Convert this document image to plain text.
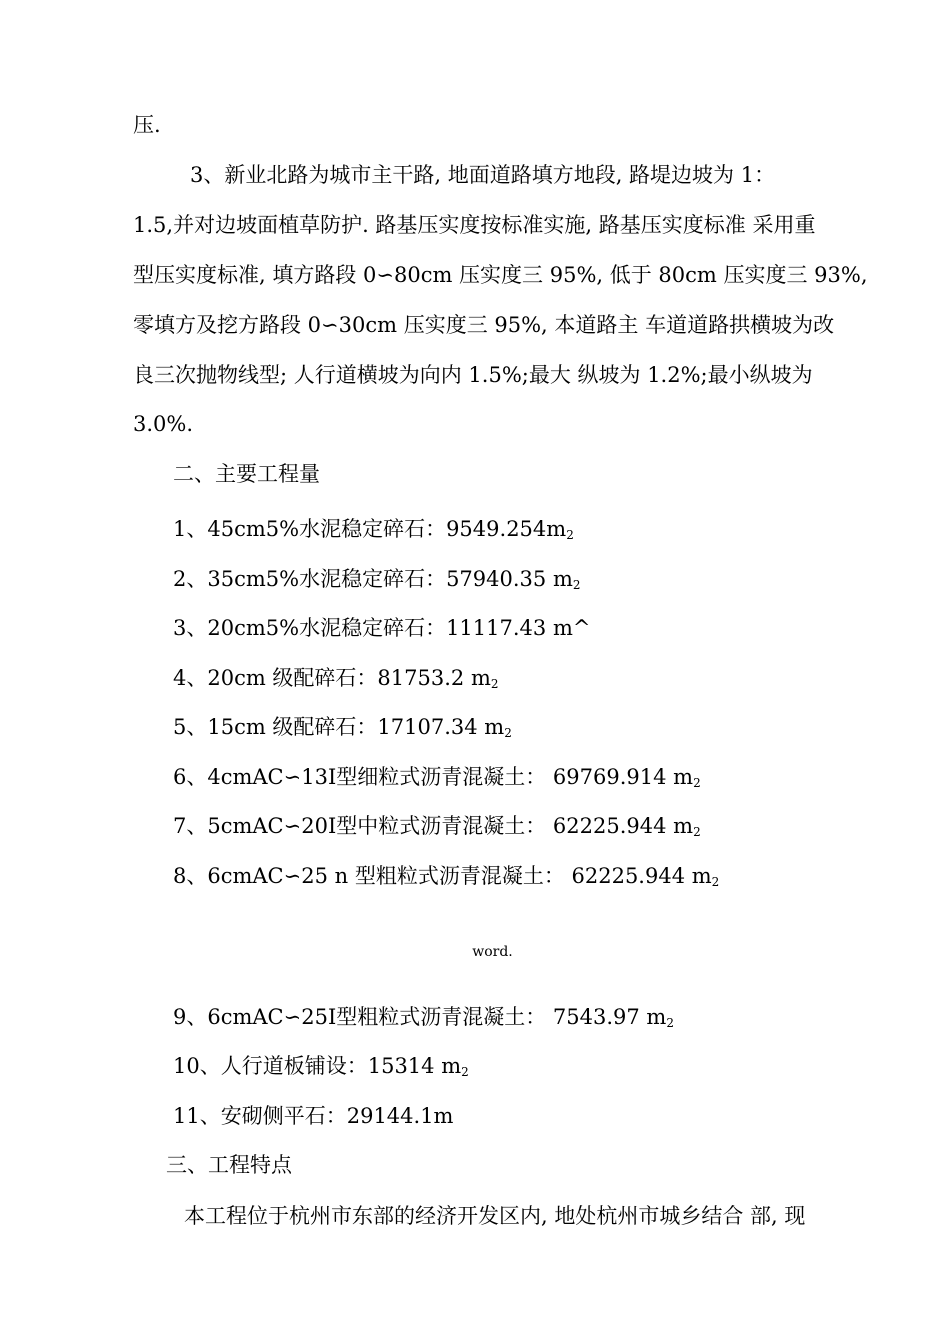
压.
3、新业北路为城市主干路, 地面道路填方地段, 路堤边坡为 1：
1.5,并对边坡面植草防护. 路基压实度按标准实施, 路基压实度标准 采用重
型压实度标准, 填方路段 0∽80cm 压实度三 95%, 低于 80cm 压实度三 93%,
零填方及挖方路段 0∽30cm 压实度三 95%, 本道路主 车道道路拱横坡为改
良三次抛物线型; 人行道横坡为向内 1.5%;最大 纵坡为 1.2%;最小纵坡为
3.0%.
二、主要工程量
1、45cm5%水泥稳定碎石：$9549.254m_2$
2、35cm5%水泥稳定碎石：57940.35 $m_2$
3、20cm5%水泥稳定碎石：11117.43 m^
4、20cm 级配碎石：81753.2 $m_2$
5、15cm 级配碎石：17107.34 $m_2$
6、4cmAC∽13Ⅰ型细粒式沥青混凝土： 69769.914 $m_2$
7、5cmAC∽20Ⅰ型中粒式沥青混凝土： 62225.944 $m_2$
8、6cmAC∽25 n 型粗粒式沥青混凝土： 62225.944 $m_2$
word.
9、6cmAC∽25Ⅰ型粗粒式沥青混凝土： 7543.97 $m_2$
10、人行道板铺设：15314 $m_2$
11、安砌侧平石：29144.1m
三、工程特点
本工程位于杭州市东部的经济开发区内, 地处杭州市城乡结合 部, 现
